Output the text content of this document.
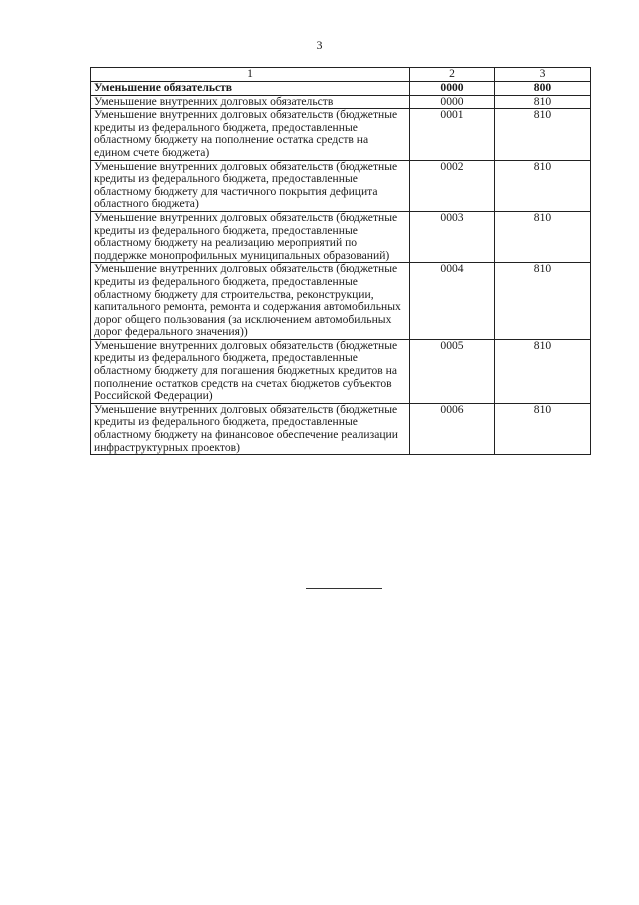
3
1	2	3
Уменьшение обязательств	0000	800
Уменьшение внутренних долговых обязательств	0000	810
Уменьшение внутренних долговых обязательств (бюджетные кредиты из федерального бюджета, предоставленные областному бюджету на пополнение остатка средств на едином счете бюджета)	0001	810
Уменьшение внутренних долговых обязательств (бюджетные кредиты из федерального бюджета, предоставленные областному бюджету для частичного покрытия дефицита областного бюджета)	0002	810
Уменьшение внутренних долговых обязательств (бюджетные кредиты из федерального бюджета, предоставленные областному бюджету на реализацию мероприятий по поддержке монопрофильных муниципальных образований)	0003	810
Уменьшение внутренних долговых обязательств (бюджетные кредиты из федерального бюджета, предоставленные областному бюджету для строительства, реконструкции, капитального ремонта, ремонта и содержания автомобильных дорог общего пользования (за исключением автомобильных дорог федерального значения))	0004	810
Уменьшение внутренних долговых обязательств (бюджетные кредиты из федерального бюджета, предоставленные областному бюджету для погашения бюджетных кредитов на пополнение остатков средств на счетах бюджетов субъектов Российской Федерации)	0005	810
Уменьшение внутренних долговых обязательств (бюджетные кредиты из федерального бюджета, предоставленные областному бюджету на финансовое обеспечение реализации инфраструктурных проектов)	0006	810
